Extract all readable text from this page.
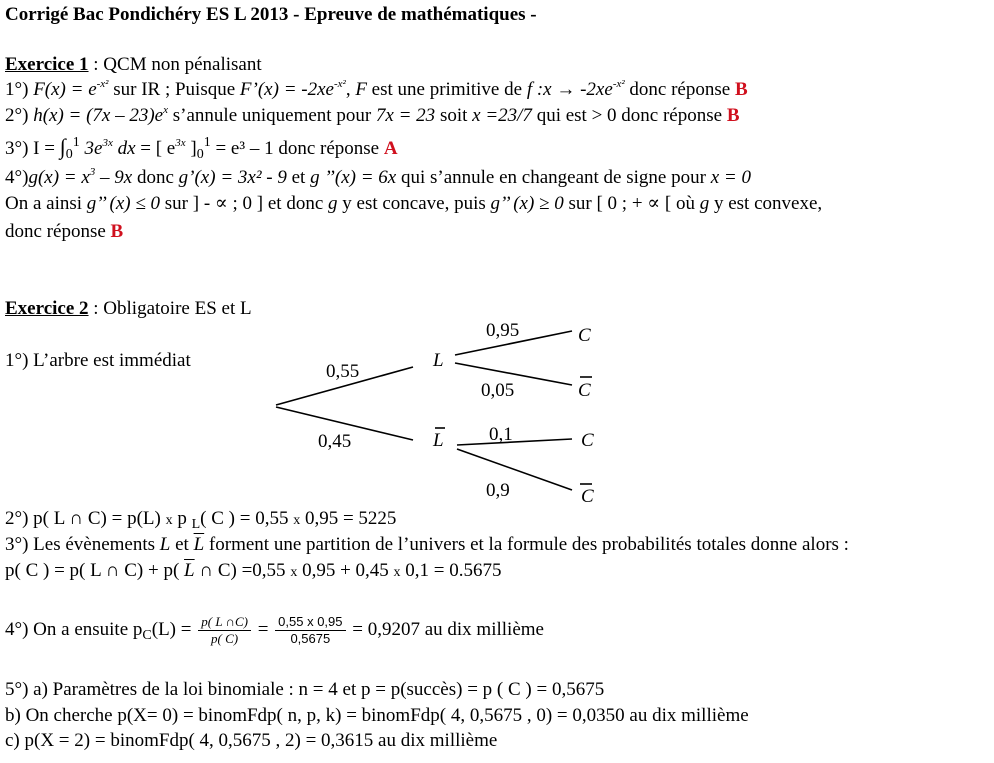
Corrigé Bac Pondichéry ES L 2013 - Epreuve de mathématiques -
Exercice 1 : QCM non pénalisant
1°) $F(x) = e^{-x^2}$ sur IR ; Puisque F’(x) = $-2xe^{-x^2}$, F est une primitive de f :x → $-2xe^{-x^2}$ donc réponse B
2°) $h(x) = (7x - 23)e^x$ s’annule uniquement pour 7x = 23 soit x =23/7 qui est > 0 donc réponse B
3°) $I = \int_0^1$ $3e^{3x}$ dx = [ $e^{3x}$ ]$_0^1 = e^3 - 1$ donc réponse A
$4^\circ)g(x) = x^3 - 9x$ donc g’(x) = 3x² - 9 et g ’’(x) = 6x qui s’annule en changeant de signe pour x = 0
On a ainsi g’’ (x) ≤ 0 sur ] - ∝ ; 0 ] et donc g y est concave, puis g’’ (x) ≥ 0 sur [ 0 ; + ∝ [ où g y est convexe,
donc réponse B
Exercice 2 : Obligatoire ES et L
1°) L’arbre est immédiat
0,55
0,45
0,95
0,05
0,1
0,9
L
L
C
C
C
C
2°) p( L ∩ C) = p(L) x p $_L$( C ) = 0,55 x 0,95 = 5225
3°) Les évènements L et $\overline{L}$ forment une partition de l’univers et la formule des probabilités totales donne alors :
p( C ) = p( L ∩ C) + p( $\overline{L}$ ∩ C) =0,55 x 0,95 + 0,45 x 0,1 = 0.5675
4°) On a ensuite $p_C(L) = \frac{p( L \cap C)}{p( C)} = \frac{0,55 x 0,95}{0,5675} = 0,9207$ au dix millième
5°) a) Paramètres de la loi binomiale : n = 4 et p = p(succès) = p ( C ) = 0,5675
b) On cherche p(X= 0) = binomFdp( n, p, k) = binomFdp( 4, 0,5675 , 0) = 0,0350 au dix millième
c) p(X = 2) = binomFdp( 4, 0,5675 , 2) = 0,3615 au dix millième
